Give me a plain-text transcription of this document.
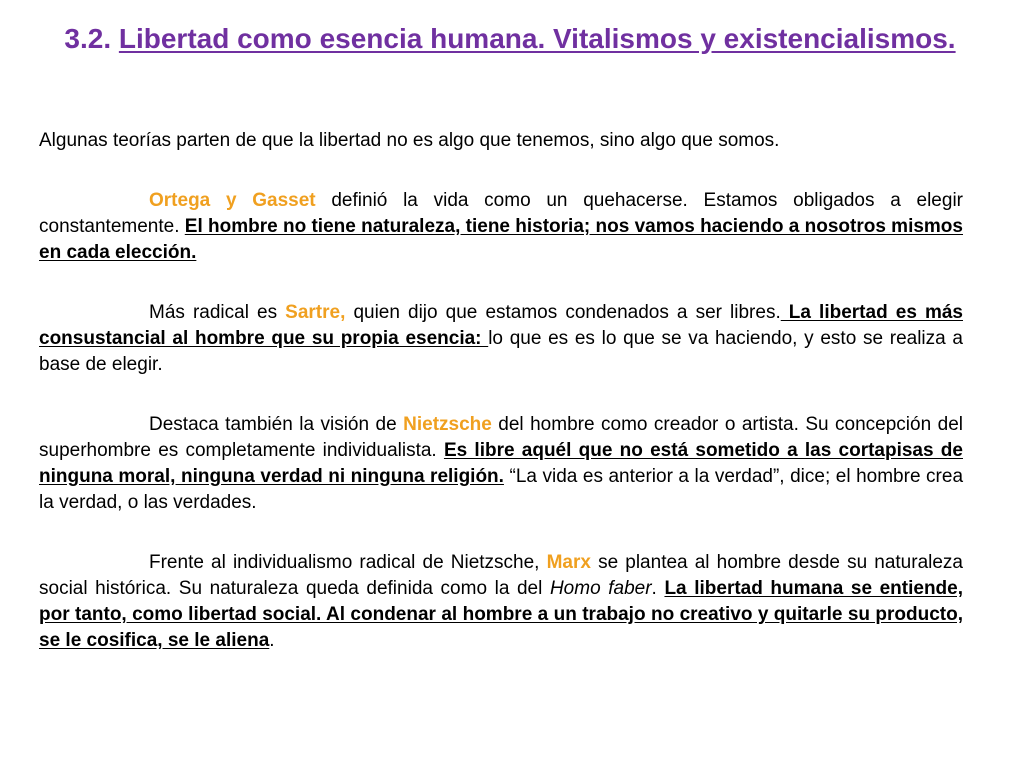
3.2. Libertad como esencia humana. Vitalismos y existencialismos.

Algunas teorías parten de que la libertad no es algo que tenemos, sino algo que somos.

Ortega y Gasset definió la vida como un quehacerse. Estamos obligados a elegir constantemente. El hombre no tiene naturaleza, tiene historia; nos vamos haciendo a nosotros mismos en cada elección.

Más radical es Sartre, quien dijo que estamos condenados a ser libres. La libertad es más consustancial al hombre que su propia esencia: lo que es es lo que se va haciendo, y esto se realiza a base de elegir.

Destaca también la visión de Nietzsche del hombre como creador o artista. Su concepción del superhombre es completamente individualista. Es libre aquél que no está sometido a las cortapisas de ninguna moral, ninguna verdad ni ninguna religión. “La vida es anterior a la verdad”, dice; el hombre crea la verdad, o las verdades.

Frente al individualismo radical de Nietzsche, Marx se plantea al hombre desde su naturaleza social histórica. Su naturaleza queda definida como la del Homo faber. La libertad humana se entiende, por tanto, como libertad social. Al condenar al hombre a un trabajo no creativo y quitarle su producto, se le cosifica, se le aliena.
